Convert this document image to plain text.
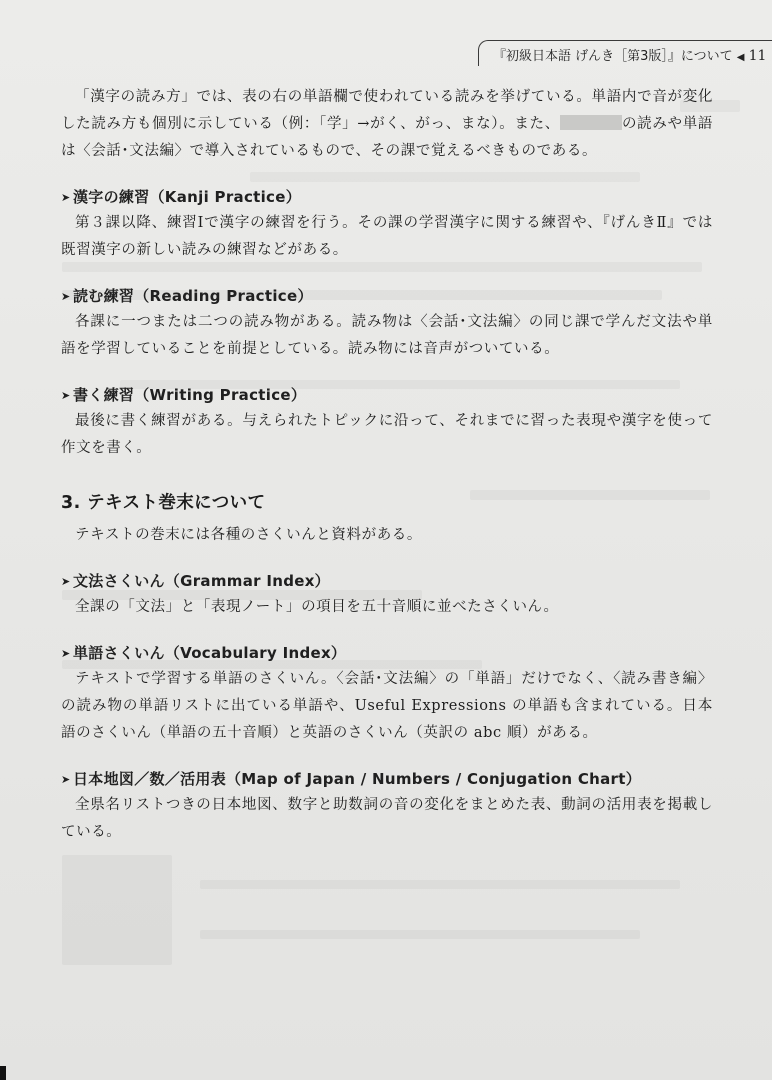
『初級日本語 げんき［第3版］』について ◀ 11

「漢字の読み方」では、表の右の単語欄で使われている読みを挙げている。単語内で音が変化した読み方も個別に示している（例：「学」→がく、がっ、まな）。また、	の読みや単語は〈会話･文法編〉で導入されているもので、その課で覚えるべきものである。

➤ 漢字の練習（Kanji Practice）

第３課以降、練習Ⅰで漢字の練習を行う。その課の学習漢字に関する練習や、『げんきⅡ』では既習漢字の新しい読みの練習などがある。

➤ 読む練習（Reading Practice）

各課に一つまたは二つの読み物がある。読み物は〈会話･文法編〉の同じ課で学んだ文法や単語を学習していることを前提としている。読み物には音声がついている。

➤ 書く練習（Writing Practice）

最後に書く練習がある。与えられたトピックに沿って、それまでに習った表現や漢字を使って作文を書く。

3. テキスト巻末について

テキストの巻末には各種のさくいんと資料がある。

➤ 文法さくいん（Grammar Index）

全課の「文法」と「表現ノート」の項目を五十音順に並べたさくいん。

➤ 単語さくいん（Vocabulary Index）

テキストで学習する単語のさくいん。〈会話･文法編〉の「単語」だけでなく、〈読み書き編〉の読み物の単語リストに出ている単語や、Useful Expressions の単語も含まれている。日本語のさくいん（単語の五十音順）と英語のさくいん（英訳の abc 順）がある。

➤ 日本地図／数／活用表（Map of Japan / Numbers / Conjugation Chart）

全県名リストつきの日本地図、数字と助数詞の音の変化をまとめた表、動詞の活用表を掲載している。
